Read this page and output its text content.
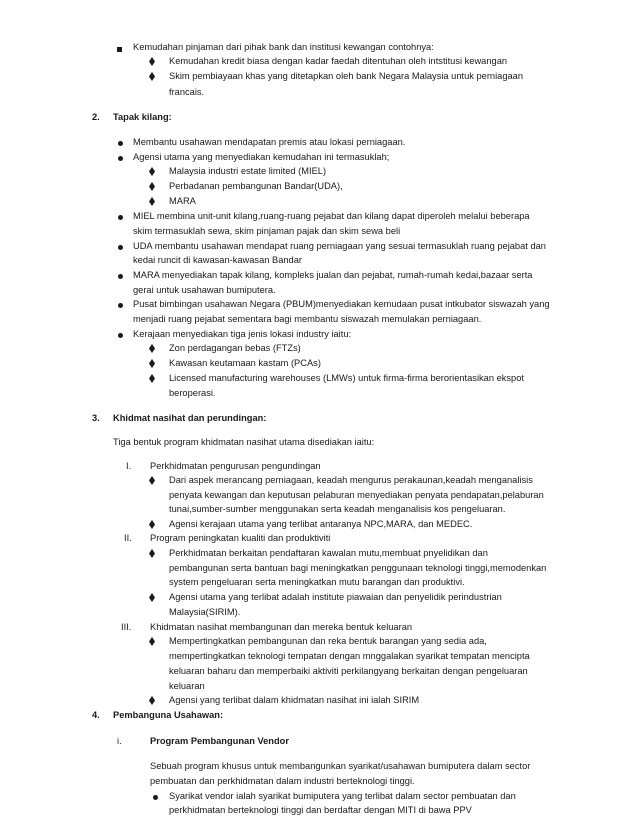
Kemudahan pinjaman dari pihak bank dan institusi kewangan contohnya:
Kemudahan kredit biasa dengan kadar faedah ditentuhan oleh intstitusi kewangan
Skim pembiayaan khas yang ditetapkan oleh bank Negara Malaysia untuk perniagaan
francais.
2. Tapak kilang:
Membantu usahawan mendapatan premis atau lokasi perniagaan.
Agensi utama yang menyediakan kemudahan ini termasuklah;
Malaysia industri estate limited (MIEL)
Perbadanan pembangunan Bandar(UDA),
MARA
MIEL membina unit-unit kilang,ruang-ruang pejabat dan kilang dapat diperoleh melalui beberapa
skim termasuklah sewa, skim pinjaman pajak dan skim sewa beli
UDA membantu usahawan mendapat ruang perniagaan yang sesuai termasuklah ruang pejabat dan
kedai runcit di kawasan-kawasan Bandar
MARA menyediakan tapak kilang, kompleks jualan dan pejabat, rumah-rumah kedai,bazaar serta
gerai untuk usahawan bumiputera.
Pusat bimbingan usahawan Negara (PBUM)menyediakan kemudaan pusat intkubator siswazah yang
menjadi ruang pejabat sementara bagi membantu siswazah memulakan perniagaan.
Kerajaan menyediakan tiga jenis lokasi industry iaitu:
Zon perdagangan bebas (FTZs)
Kawasan keutamaan kastam (PCAs)
Licensed manufacturing warehouses (LMWs) untuk firma-firma berorientasikan ekspot
beroperasi.
3. Khidmat nasihat dan perundingan:
Tiga bentuk program khidmatan nasihat utama disediakan iaitu:
I. Perkhidmatan pengurusan pengundingan
Dari aspek merancang perniagaan, keadah mengurus perakaunan,keadah menganalisis
penyata kewangan dan keputusan pelaburan menyediakan penyata pendapatan,pelaburan
tunai,sumber-sumber menggunakan serta keadah menganalisis kos pengeluaran.
Agensi kerajaan utama yang terlibat antaranya NPC,MARA, dan MEDEC.
II. Program peningkatan kualiti dan produktiviti
Perkhidmatan berkaitan pendaftaran kawalan mutu,membuat pnyelidikan dan
pembangunan serta bantuan bagi meningkatkan penggunaan teknologi tinggi,memodenkan
system pengeluaran serta meningkatkan mutu barangan dan produktivi.
Agensi utama yang terlibat adalah institute piawaian dan penyelidik perindustrian
Malaysia(SIRIM).
III. Khidmatan nasihat membangunan dan mereka bentuk keluaran
Mempertingkatkan pembangunan dan reka bentuk barangan yang sedia ada,
mempertingkatkan teknologi tempatan dengan mnggalakan syarikat tempatan mencipta
keluaran baharu dan memperbaiki aktiviti perkilangyang berkaitan dengan pengeluaran
keluaran
Agensi yang terlibat dalam khidmatan nasihat ini ialah SIRIM
4. Pembanguna Usahawan:
i.	Program Pembangunan Vendor
Sebuah program khusus untuk membangunkan syarikat/usahawan bumiputera dalam sector
pembuatan dan perkhidmatan dalam industri berteknologi tinggi.
Syarikat vendor ialah syarikat bumiputera yang terlibat dalam sector pembuatan dan
perkhidmatan berteknologi tinggi dan berdaftar dengan MITI di bawa PPV
